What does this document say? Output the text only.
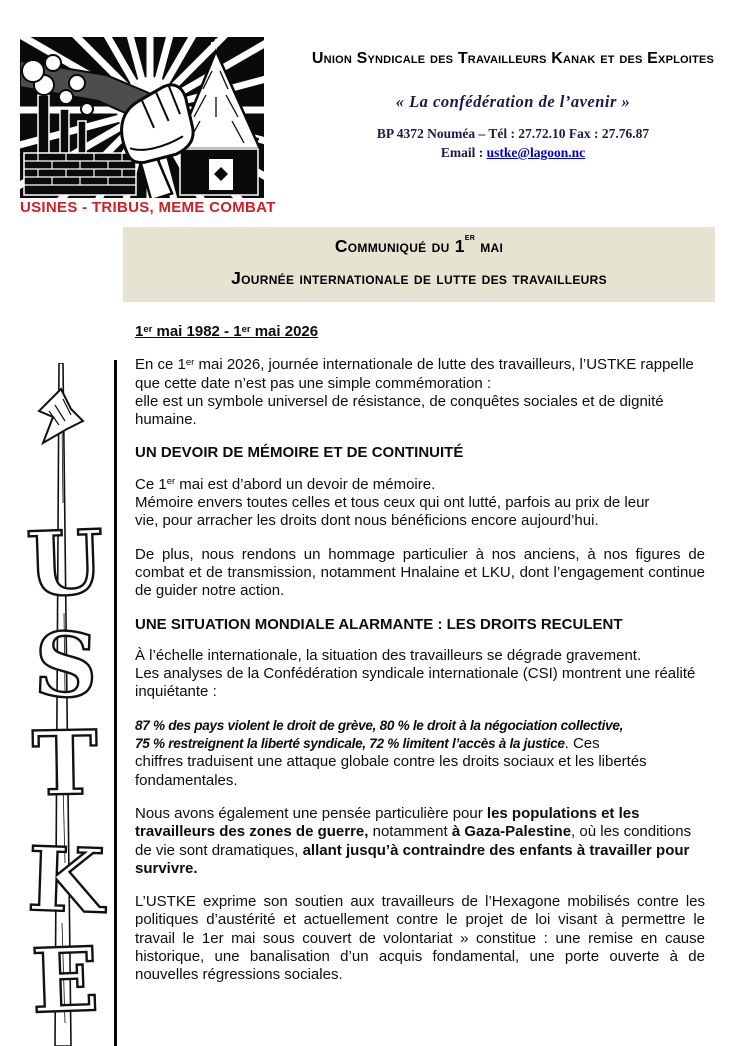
USINES - TRIBUS, MEME COMBAT
Union Syndicale des Travailleurs Kanak et des Exploites
« La confédération de l’avenir »
BP 4372 Nouméa – Tél : 27.72.10 Fax : 27.76.87
Email : ustke@lagoon.nc
Communiqué du 1er mai
Journée internationale de lutte des travailleurs
U
S
T
K
E
1er mai 1982 - 1er mai 2026
En ce 1er mai 2026, journée internationale de lutte des travailleurs, l’USTKE rappelle que cette date n’est pas une simple commémoration :
elle est un symbole universel de résistance, de conquêtes sociales et de dignité humaine.
UN DEVOIR DE MÉMOIRE ET DE CONTINUITÉ
Ce 1er mai est d’abord un devoir de mémoire.
Mémoire envers toutes celles et tous ceux qui ont lutté, parfois au prix de leur
vie, pour arracher les droits dont nous bénéficions encore aujourd’hui.
De plus, nous rendons un hommage particulier à nos anciens, à nos figures de combat et de transmission, notamment Hnalaine et LKU, dont l’engagement continue de guider notre action.
UNE SITUATION MONDIALE ALARMANTE : LES DROITS RECULENT
À l’échelle internationale, la situation des travailleurs se dégrade gravement.
Les analyses de la Confédération syndicale internationale (CSI) montrent une réalité inquiétante :
87 % des pays violent le droit de grève, 80 % le droit à la négociation collective,
75 % restreignent la liberté syndicale, 72 % limitent l’accès à la justice. Ces
chiffres traduisent une attaque globale contre les droits sociaux et les libertés fondamentales.
Nous avons également une pensée particulière pour les populations et les travailleurs des zones de guerre, notamment à Gaza-Palestine, où les conditions de vie sont dramatiques, allant jusqu’à contraindre des enfants à travailler pour survivre.
L’USTKE exprime son soutien aux travailleurs de l’Hexagone mobilisés contre les politiques d’austérité et actuellement contre le projet de loi visant à permettre le travail le 1er mai sous couvert de volontariat » constitue : une remise en cause historique, une banalisation d’un acquis fondamental, une porte ouverte à de nouvelles régressions sociales.
